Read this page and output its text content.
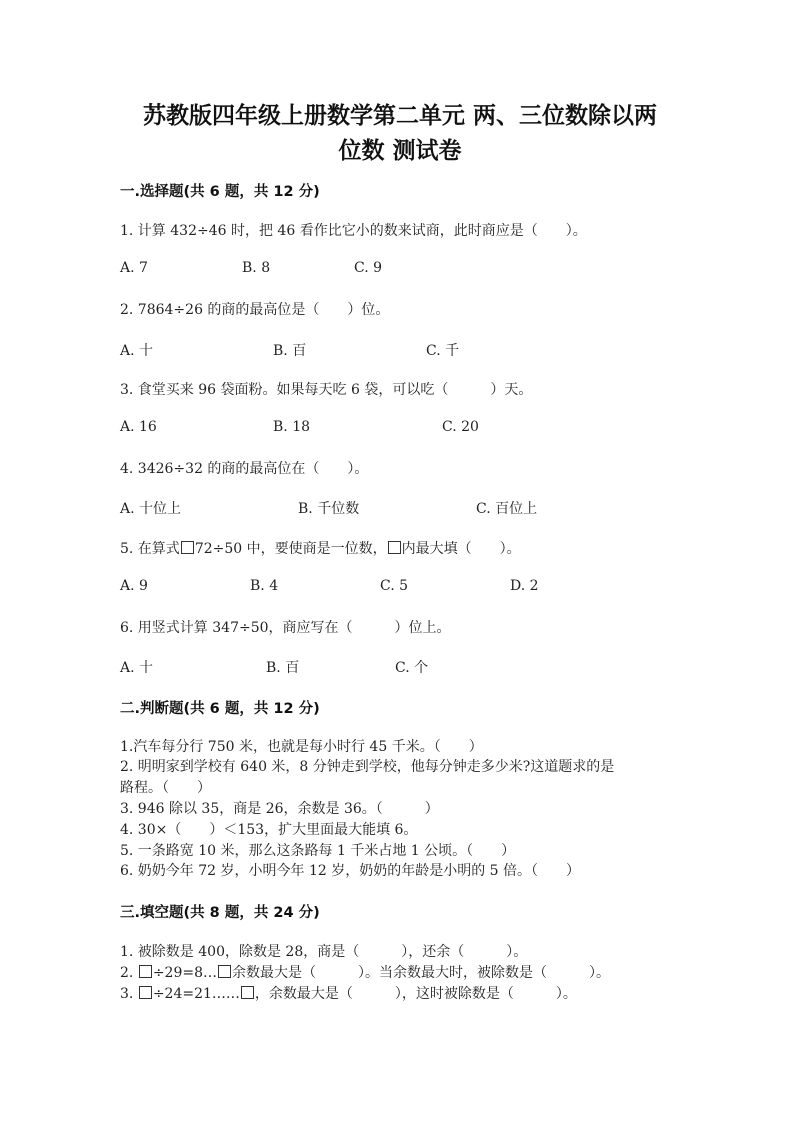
苏教版四年级上册数学第二单元 两、三位数除以两
位数 测试卷
一.选择题(共 6 题，共 12 分)
1. 计算 432÷46 时，把 46 看作比它小的数来试商，此时商应是（　　）。
A. 7	B. 8	C. 9
2. 7864÷26 的商的最高位是（　　）位。
A. 十	B. 百	C. 千
3. 食堂买来 96 袋面粉。如果每天吃 6 袋，可以吃（　　　）天。
A. 16	B. 18	C. 20
4. 3426÷32 的商的最高位在（　　）。
A. 十位上	B. 千位数	C. 百位上
5. 在算式 72÷50 中，要使商是一位数， 内最大填（　　）。
A. 9	B. 4	C. 5	D. 2
6. 用竖式计算 347÷50，商应写在（　　　）位上。
A. 十	B. 百	C. 个
二.判断题(共 6 题，共 12 分)
1.汽车每分行 750 米，也就是每小时行 45 千米。（　　）
2. 明明家到学校有 640 米，8 分钟走到学校，他每分钟走多少米?这道题求的是
路程。（　　）
3. 946 除以 35，商是 26，余数是 36。（　　　）
4. 30×（　　）＜153，扩大里面最大能填 6。
5. 一条路宽 10 米，那么这条路每 1 千米占地 1 公顷。（　　）
6. 奶奶今年 72 岁，小明今年 12 岁，奶奶的年龄是小明的 5 倍。（　　）
三.填空题(共 8 题，共 24 分)
1. 被除数是 400，除数是 28，商是（　　　），还余（　　　）。
2. ÷29=8… 余数最大是（　　　）。当余数最大时，被除数是（　　　）。
3. ÷24=21…… ，余数最大是（　　　），这时被除数是（　　　）。
